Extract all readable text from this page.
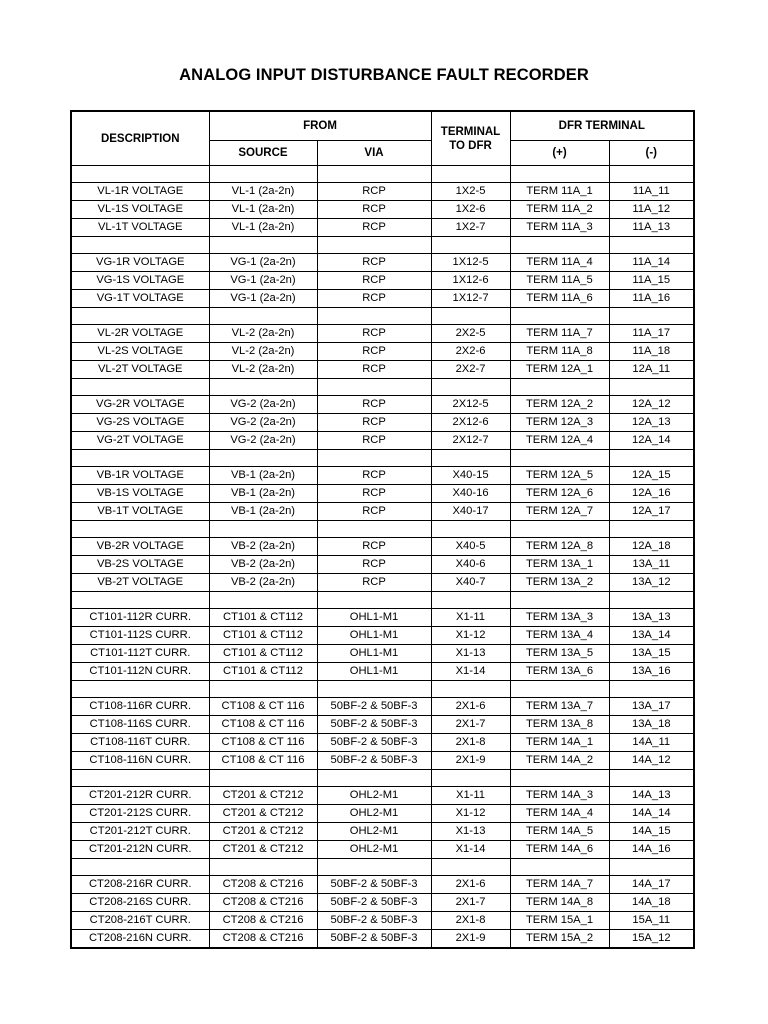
ANALOG INPUT DISTURBANCE FAULT RECORDER
DESCRIPTION	FROM		TERMINAL TO DFR	DFR TERMINAL	
	SOURCE	VIA		(+)	(-)

VL-1R VOLTAGE	VL-1 (2a-2n)	RCP	1X2-5	TERM 11A_1	11A_11
VL-1S VOLTAGE	VL-1 (2a-2n)	RCP	1X2-6	TERM 11A_2	11A_12
VL-1T VOLTAGE	VL-1 (2a-2n)	RCP	1X2-7	TERM 11A_3	11A_13

VG-1R VOLTAGE	VG-1 (2a-2n)	RCP	1X12-5	TERM 11A_4	11A_14
VG-1S VOLTAGE	VG-1 (2a-2n)	RCP	1X12-6	TERM 11A_5	11A_15
VG-1T VOLTAGE	VG-1 (2a-2n)	RCP	1X12-7	TERM 11A_6	11A_16

VL-2R VOLTAGE	VL-2 (2a-2n)	RCP	2X2-5	TERM 11A_7	11A_17
VL-2S VOLTAGE	VL-2 (2a-2n)	RCP	2X2-6	TERM 11A_8	11A_18
VL-2T VOLTAGE	VL-2 (2a-2n)	RCP	2X2-7	TERM 12A_1	12A_11

VG-2R VOLTAGE	VG-2 (2a-2n)	RCP	2X12-5	TERM 12A_2	12A_12
VG-2S VOLTAGE	VG-2 (2a-2n)	RCP	2X12-6	TERM 12A_3	12A_13
VG-2T VOLTAGE	VG-2 (2a-2n)	RCP	2X12-7	TERM 12A_4	12A_14

VB-1R VOLTAGE	VB-1 (2a-2n)	RCP	X40-15	TERM 12A_5	12A_15
VB-1S VOLTAGE	VB-1 (2a-2n)	RCP	X40-16	TERM 12A_6	12A_16
VB-1T VOLTAGE	VB-1 (2a-2n)	RCP	X40-17	TERM 12A_7	12A_17

VB-2R VOLTAGE	VB-2 (2a-2n)	RCP	X40-5	TERM 12A_8	12A_18
VB-2S VOLTAGE	VB-2 (2a-2n)	RCP	X40-6	TERM 13A_1	13A_11
VB-2T VOLTAGE	VB-2 (2a-2n)	RCP	X40-7	TERM 13A_2	13A_12

CT101-112R CURR.	CT101 & CT112	OHL1-M1	X1-11	TERM 13A_3	13A_13
CT101-112S CURR.	CT101 & CT112	OHL1-M1	X1-12	TERM 13A_4	13A_14
CT101-112T CURR.	CT101 & CT112	OHL1-M1	X1-13	TERM 13A_5	13A_15
CT101-112N CURR.	CT101 & CT112	OHL1-M1	X1-14	TERM 13A_6	13A_16

CT108-116R CURR.	CT108 & CT 116	50BF-2 & 50BF-3	2X1-6	TERM 13A_7	13A_17
CT108-116S CURR.	CT108 & CT 116	50BF-2 & 50BF-3	2X1-7	TERM 13A_8	13A_18
CT108-116T CURR.	CT108 & CT 116	50BF-2 & 50BF-3	2X1-8	TERM 14A_1	14A_11
CT108-116N CURR.	CT108 & CT 116	50BF-2 & 50BF-3	2X1-9	TERM 14A_2	14A_12

CT201-212R CURR.	CT201 & CT212	OHL2-M1	X1-11	TERM 14A_3	14A_13
CT201-212S CURR.	CT201 & CT212	OHL2-M1	X1-12	TERM 14A_4	14A_14
CT201-212T CURR.	CT201 & CT212	OHL2-M1	X1-13	TERM 14A_5	14A_15
CT201-212N CURR.	CT201 & CT212	OHL2-M1	X1-14	TERM 14A_6	14A_16

CT208-216R CURR.	CT208 & CT216	50BF-2 & 50BF-3	2X1-6	TERM 14A_7	14A_17
CT208-216S CURR.	CT208 & CT216	50BF-2 & 50BF-3	2X1-7	TERM 14A_8	14A_18
CT208-216T CURR.	CT208 & CT216	50BF-2 & 50BF-3	2X1-8	TERM 15A_1	15A_11
CT208-216N CURR.	CT208 & CT216	50BF-2 & 50BF-3	2X1-9	TERM 15A_2	15A_12
